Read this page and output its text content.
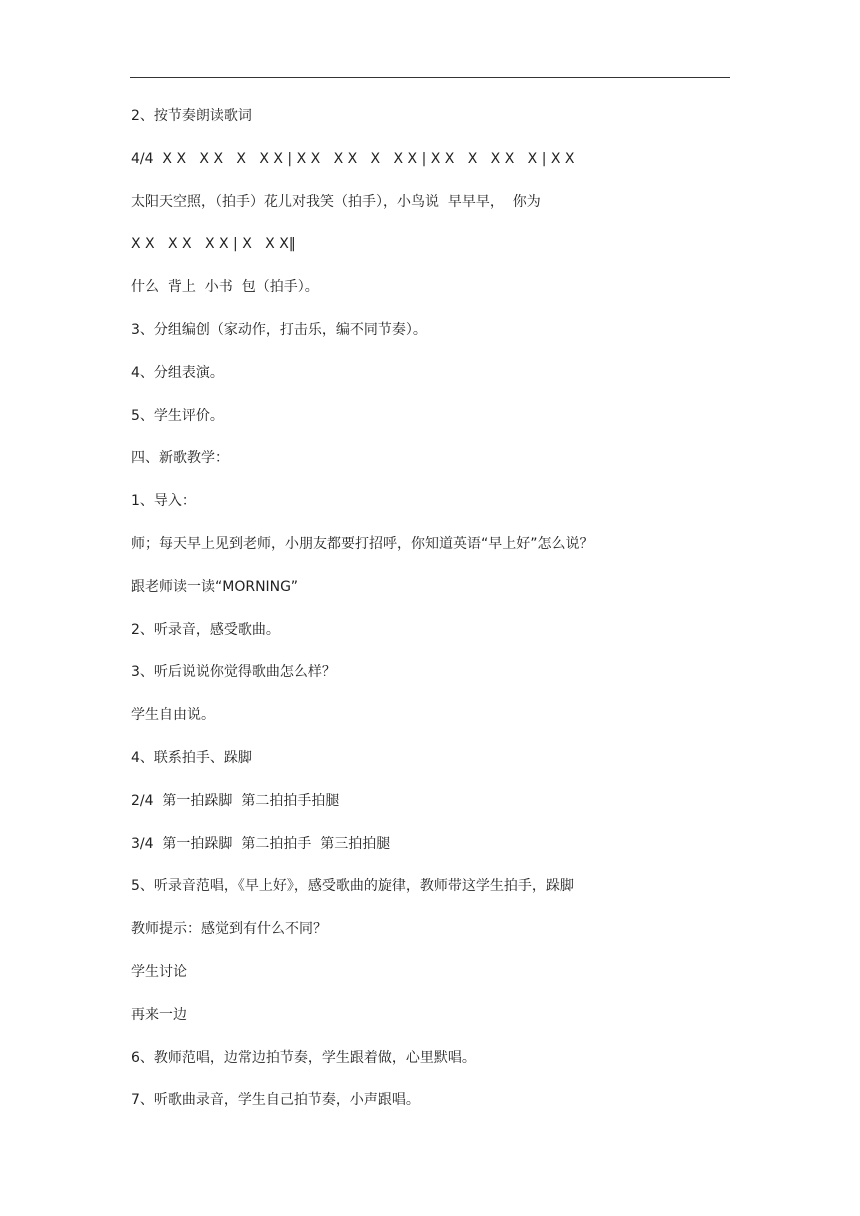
2、按节奏朗读歌词
4/4  X X   X X   X   X X | X X   X X   X   X X | X X   X   X X   X | X X
太阳天空照，（拍手）花儿对我笑（拍手），小鸟说  早早早，  你为
X X   X X   X X | X   X X‖
什么  背上  小书  包（拍手）。
3、分组编创（家动作，打击乐，编不同节奏）。
4、分组表演。
5、学生评价。
四、新歌教学：
1、导入：
师；每天早上见到老师，小朋友都要打招呼，你知道英语“早上好”怎么说？
跟老师读一读“MORNING”
2、听录音，感受歌曲。
3、听后说说你觉得歌曲怎么样？
学生自由说。
4、联系拍手、跺脚
2/4  第一拍跺脚  第二拍拍手拍腿
3/4  第一拍跺脚  第二拍拍手  第三拍拍腿
5、听录音范唱，《早上好》，感受歌曲的旋律，教师带这学生拍手，跺脚
教师提示：感觉到有什么不同？
学生讨论
再来一边
6、教师范唱，边常边拍节奏，学生跟着做，心里默唱。
7、听歌曲录音，学生自己拍节奏，小声跟唱。
